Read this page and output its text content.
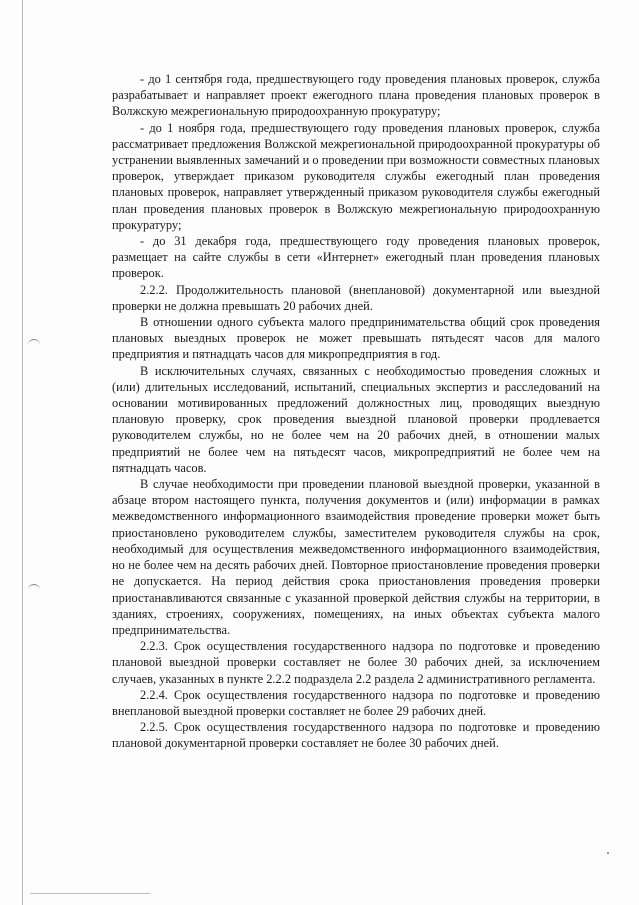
- до 1 сентября года, предшествующего году проведения плановых проверок, служба разрабатывает и направляет проект ежегодного плана проведения плановых проверок в Волжскую межрегиональную природоохранную прокуратуру;

- до 1 ноября года, предшествующего году проведения плановых проверок, служба рассматривает предложения Волжской межрегиональной природоохранной прокуратуры об устранении выявленных замечаний и о проведении при возможности совместных плановых проверок, утверждает приказом руководителя службы ежегодный план проведения плановых проверок, направляет утвержденный приказом руководителя службы ежегодный план проведения плановых проверок в Волжскую межрегиональную природоохранную прокуратуру;

- до 31 декабря года, предшествующего году проведения плановых проверок, размещает на сайте службы в сети «Интернет» ежегодный план проведения плановых проверок.

2.2.2. Продолжительность плановой (внеплановой) документарной или выездной проверки не должна превышать 20 рабочих дней.

В отношении одного субъекта малого предпринимательства общий срок проведения плановых выездных проверок не может превышать пятьдесят часов для малого предприятия и пятнадцать часов для микропредприятия в год.

В исключительных случаях, связанных с необходимостью проведения сложных и (или) длительных исследований, испытаний, специальных экспертиз и расследований на основании мотивированных предложений должностных лиц, проводящих выездную плановую проверку, срок проведения выездной плановой проверки продлевается руководителем службы, но не более чем на 20 рабочих дней, в отношении малых предприятий не более чем на пятьдесят часов, микропредприятий не более чем на пятнадцать часов.

В случае необходимости при проведении плановой выездной проверки, указанной в абзаце втором настоящего пункта, получения документов и (или) информации в рамках межведомственного информационного взаимодействия проведение проверки может быть приостановлено руководителем службы, заместителем руководителя службы на срок, необходимый для осуществления межведомственного информационного взаимодействия, но не более чем на десять рабочих дней. Повторное приостановление проведения проверки не допускается. На период действия срока приостановления проведения проверки приостанавливаются связанные с указанной проверкой действия службы на территории, в зданиях, строениях, сооружениях, помещениях, на иных объектах субъекта малого предпринимательства.

2.2.3. Срок осуществления государственного надзора по подготовке и проведению плановой выездной проверки составляет не более 30 рабочих дней, за исключением случаев, указанных в пункте 2.2.2 подраздела 2.2 раздела 2 административного регламента.

2.2.4. Срок осуществления государственного надзора по подготовке и проведению внеплановой выездной проверки составляет не более 29 рабочих дней.

2.2.5. Срок осуществления государственного надзора по подготовке и проведению плановой документарной проверки составляет не более 30 рабочих дней.
